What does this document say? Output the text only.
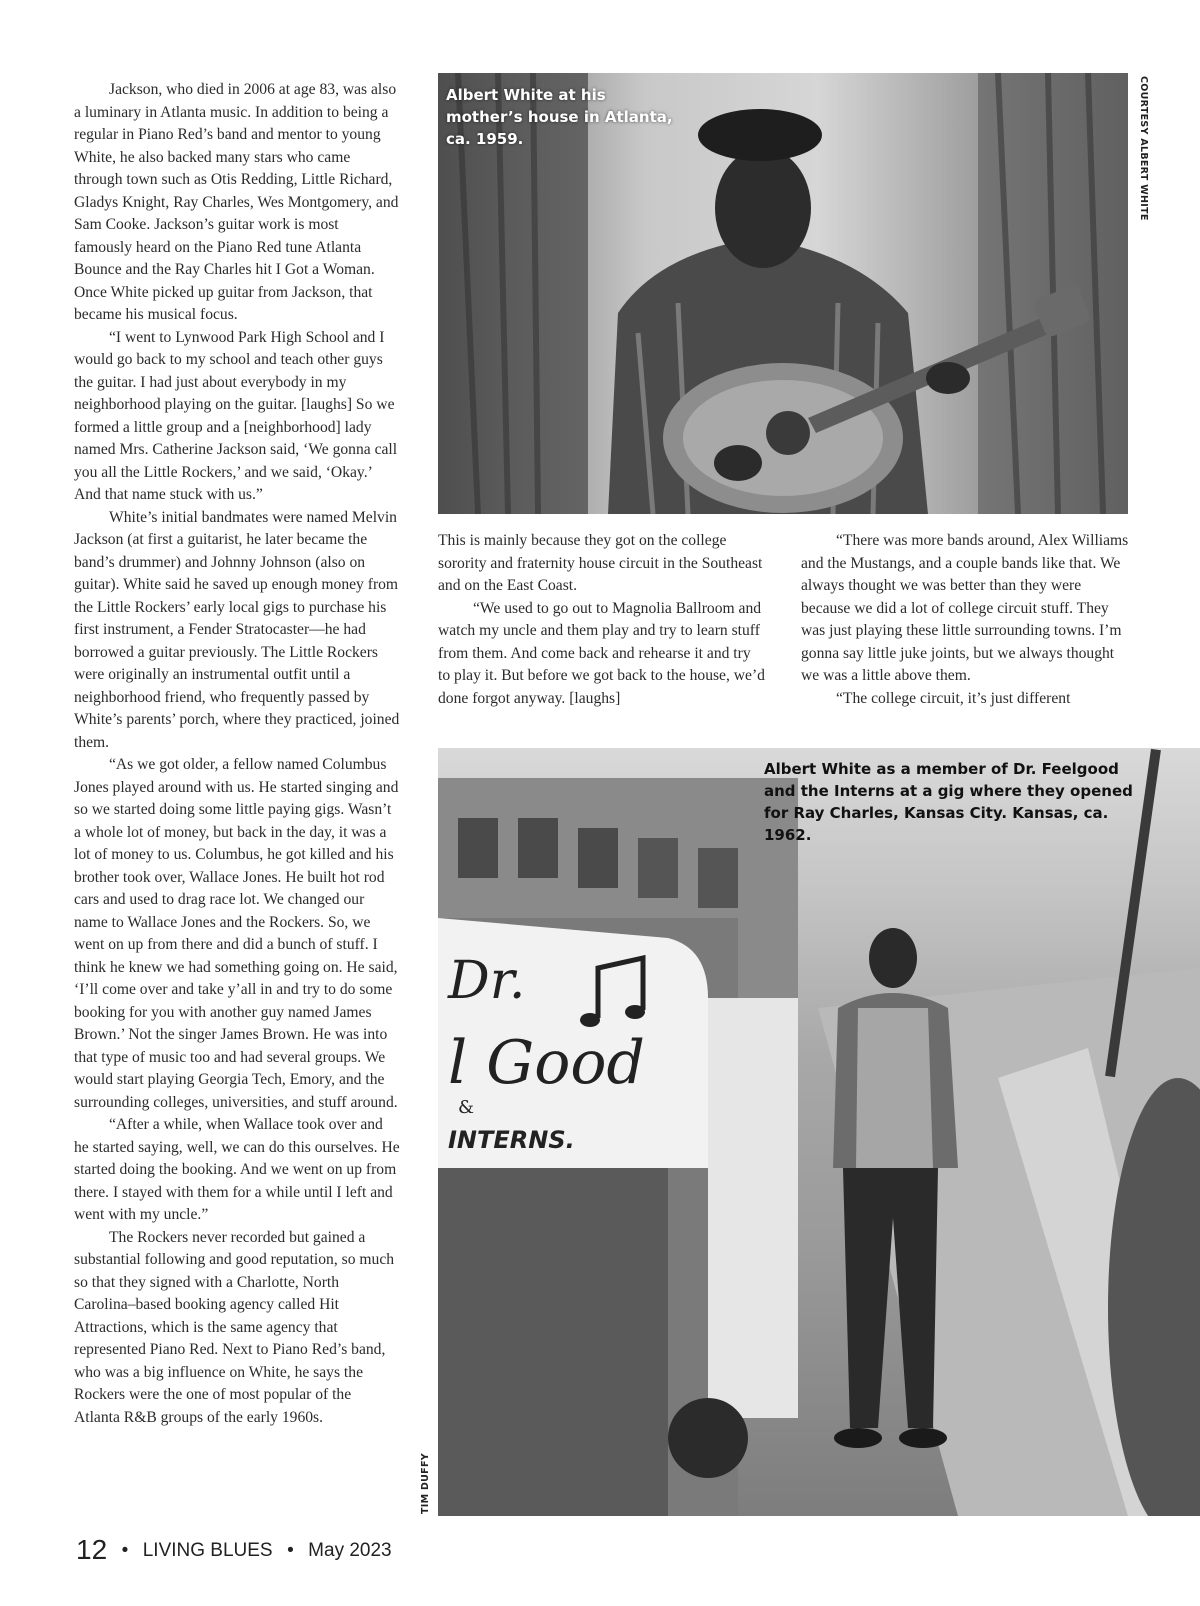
Jackson, who died in 2006 at age 83, was also a luminary in Atlanta music. In addition to being a regular in Piano Red’s band and mentor to young White, he also backed many stars who came through town such as Otis Redding, Little Richard, Gladys Knight, Ray Charles, Wes Montgomery, and Sam Cooke. Jackson’s guitar work is most famously heard on the Piano Red tune Atlanta Bounce and the Ray Charles hit I Got a Woman. Once White picked up guitar from Jackson, that became his musical focus.

“I went to Lynwood Park High School and I would go back to my school and teach other guys the guitar. I had just about everybody in my neighborhood playing on the guitar. [laughs] So we formed a little group and a [neighborhood] lady named Mrs. Catherine Jackson said, ‘We gonna call you all the Little Rockers,’ and we said, ‘Okay.’ And that name stuck with us.”

White’s initial bandmates were named Melvin Jackson (at first a guitarist, he later became the band’s drummer) and Johnny Johnson (also on guitar). White said he saved up enough money from the Little Rockers’ early local gigs to purchase his first instrument, a Fender Stratocaster—he had borrowed a guitar previously. The Little Rockers were originally an instrumental outfit until a neighborhood friend, who frequently passed by White’s parents’ porch, where they practiced, joined them.

“As we got older, a fellow named Columbus Jones played around with us. He started singing and so we started doing some little paying gigs. Wasn’t a whole lot of money, but back in the day, it was a lot of money to us. Columbus, he got killed and his brother took over, Wallace Jones. He built hot rod cars and used to drag race lot. We changed our name to Wallace Jones and the Rockers. So, we went on up from there and did a bunch of stuff. I think he knew we had something going on. He said, ‘I’ll come over and take y’all in and try to do some booking for you with another guy named James Brown.’ Not the singer James Brown. He was into that type of music too and had several groups. We would start playing Georgia Tech, Emory, and the surrounding colleges, universities, and stuff around.

“After a while, when Wallace took over and he started saying, well, we can do this ourselves. He started doing the booking. And we went on up from there. I stayed with them for a while until I left and went with my uncle.”

The Rockers never recorded but gained a substantial following and good reputation, so much so that they signed with a Charlotte, North Carolina–based booking agency called Hit Attractions, which is the same agency that represented Piano Red. Next to Piano Red’s band, who was a big influence on White, he says the Rockers were the one of most popular of the Atlanta R&B groups of the early 1960s.

Albert White at his mother’s house in Atlanta, ca. 1959.	COURTESY ALBERT WHITE

This is mainly because they got on the college sorority and fraternity house circuit in the Southeast and on the East Coast.

“We used to go out to Magnolia Ballroom and watch my uncle and them play and try to learn stuff from them. And come back and rehearse it and try to play it. But before we got back to the house, we’d done forgot anyway. [laughs]

“There was more bands around, Alex Williams and the Mustangs, and a couple bands like that. We always thought we was better than they were because we did a lot of college circuit stuff. They was just playing these little surrounding towns. I’m gonna say little juke joints, but we always thought we was a little above them.

“The college circuit, it’s just different

Dr.
l Good
&
INTERNS.
Albert White as a member of Dr. Feelgood and the Interns at a gig where they opened for Ray Charles, Kansas City. Kansas, ca. 1962.
TIM DUFFY
12 • LIVING BLUES • May 2023
